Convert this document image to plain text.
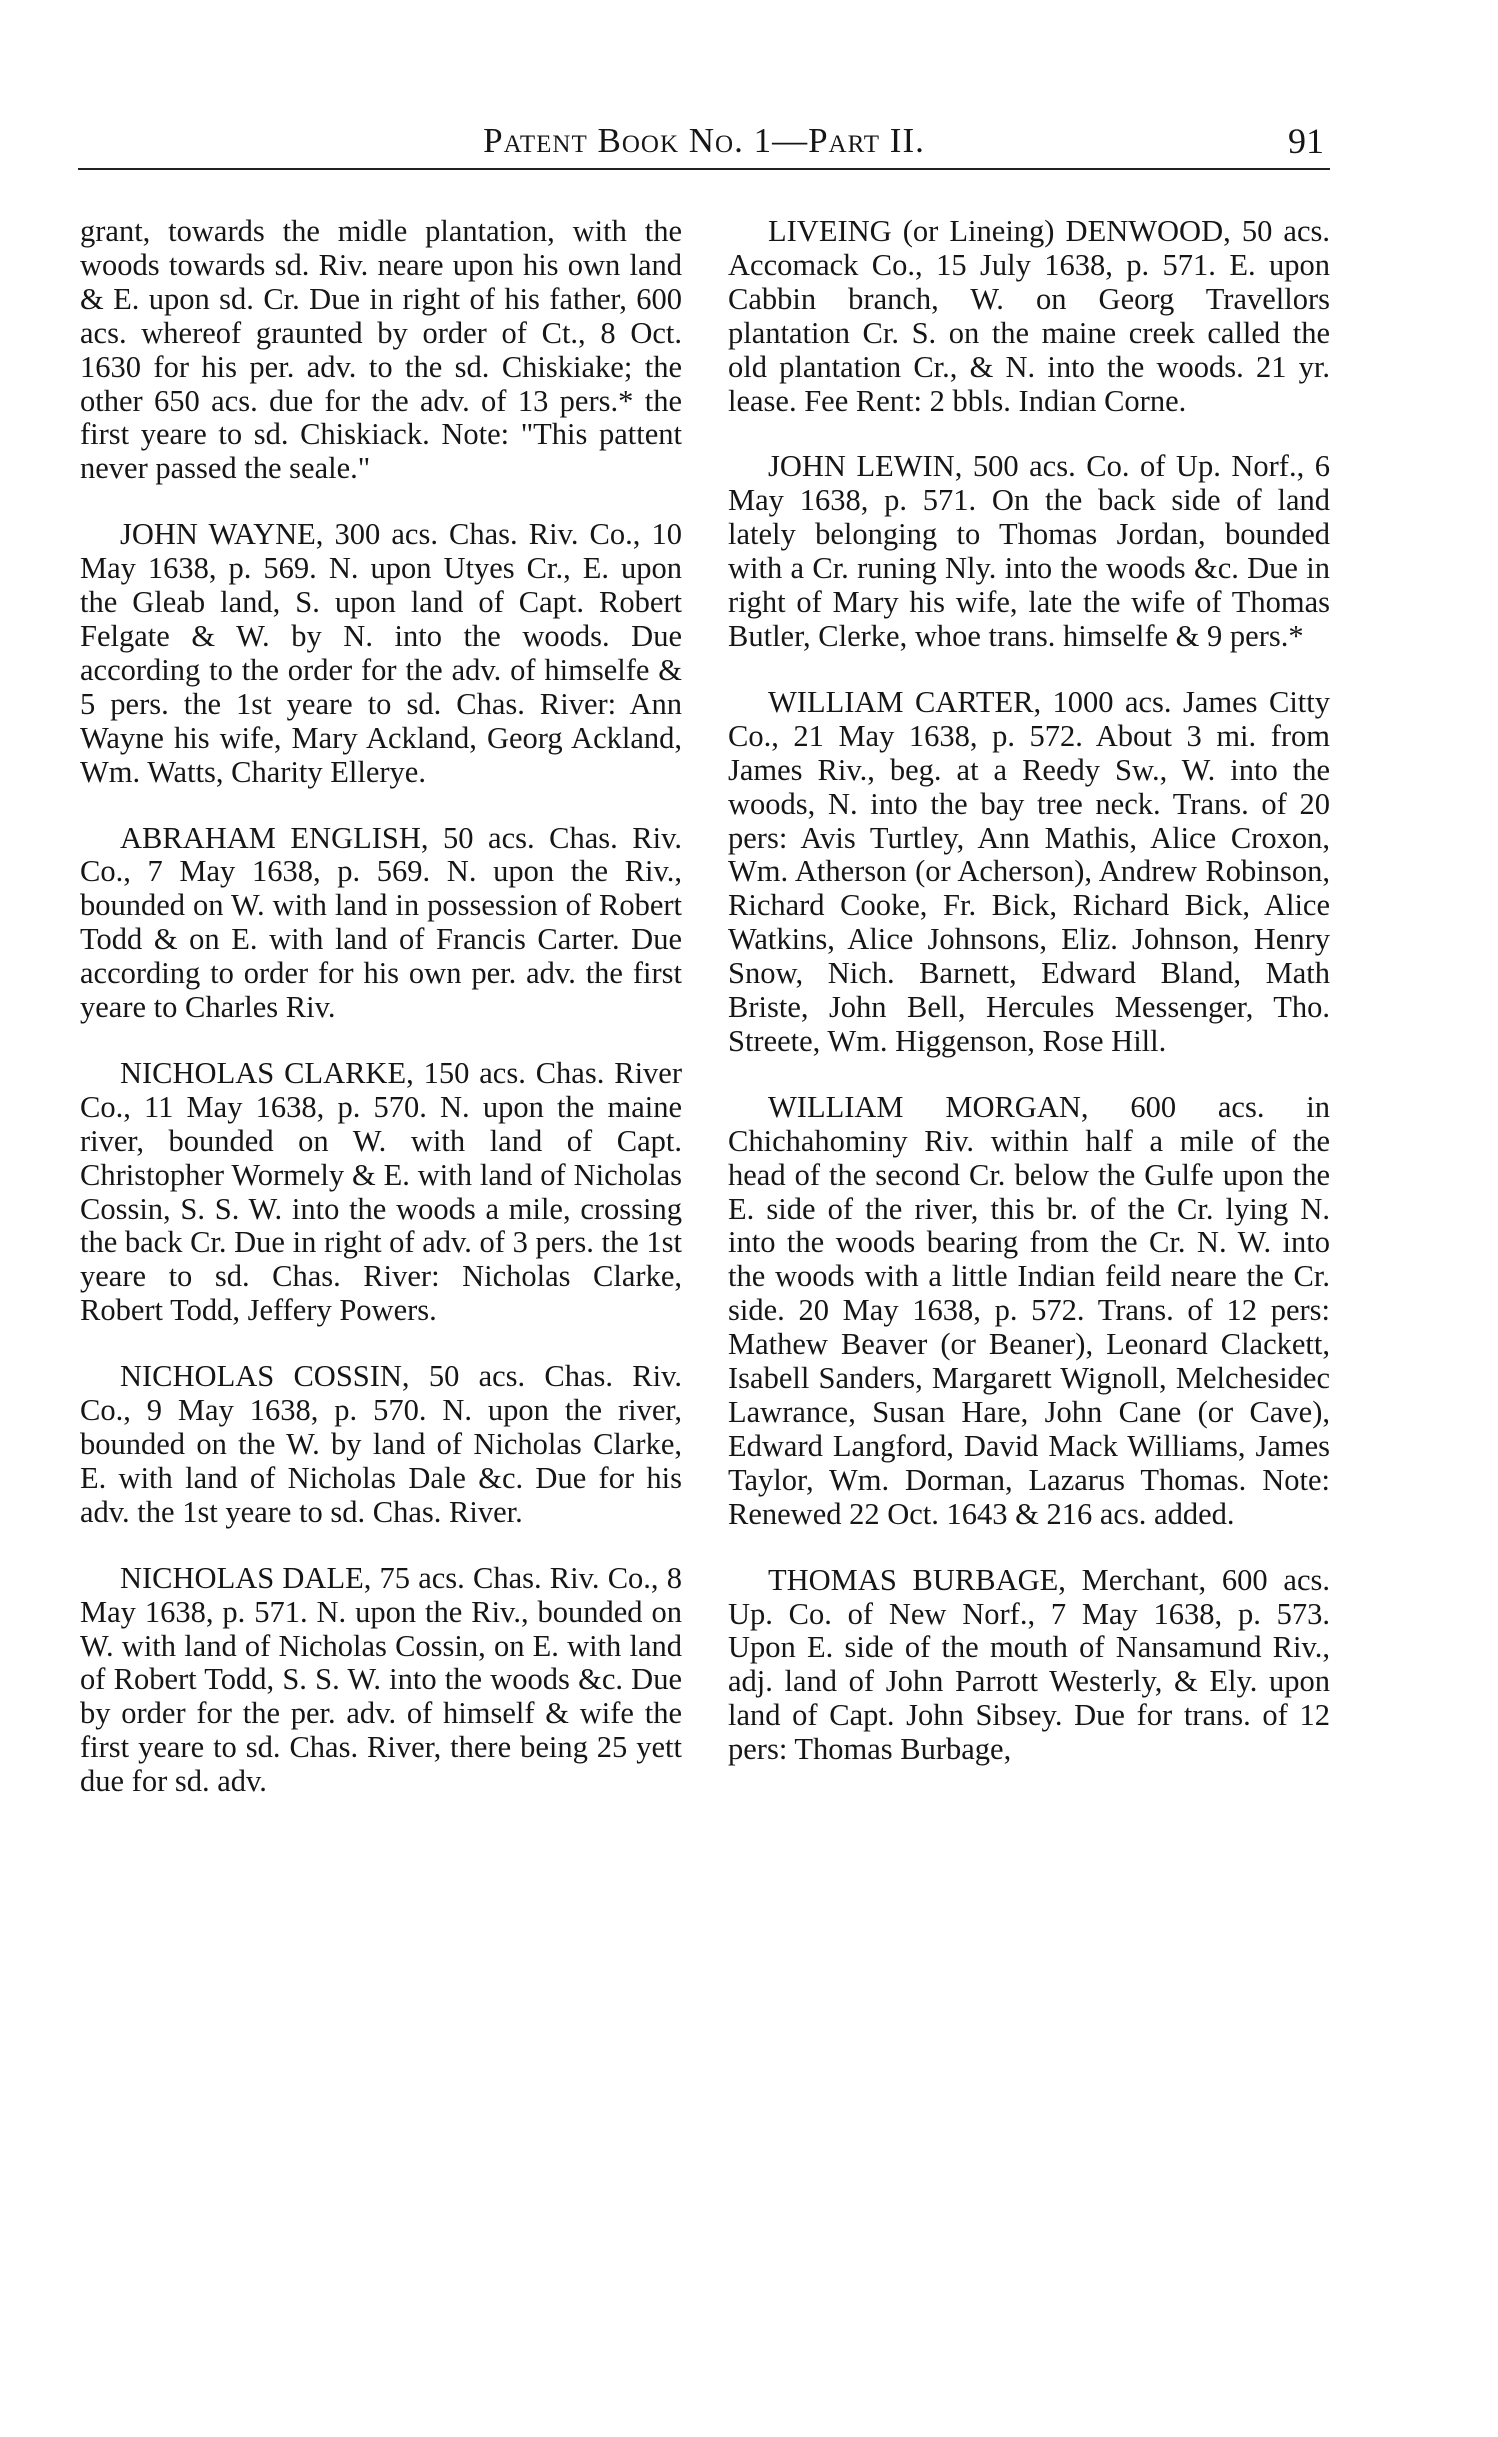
Patent Book No. 1—Part II.	91

grant, towards the midle plantation, with the woods towards sd. Riv. neare upon his own land & E. upon sd. Cr. Due in right of his father, 600 acs. whereof graunted by order of Ct., 8 Oct. 1630 for his per. adv. to the sd. Chiskiake; the other 650 acs. due for the adv. of 13 pers.* the first yeare to sd. Chiskiack. Note: "This pattent never passed the seale."

JOHN WAYNE, 300 acs. Chas. Riv. Co., 10 May 1638, p. 569. N. upon Utyes Cr., E. upon the Gleab land, S. upon land of Capt. Robert Felgate & W. by N. into the woods. Due according to the order for the adv. of himselfe & 5 pers. the 1st yeare to sd. Chas. River: Ann Wayne his wife, Mary Ackland, Georg Ackland, Wm. Watts, Charity Ellerye.

ABRAHAM ENGLISH, 50 acs. Chas. Riv. Co., 7 May 1638, p. 569. N. upon the Riv., bounded on W. with land in possession of Robert Todd & on E. with land of Francis Carter. Due according to order for his own per. adv. the first yeare to Charles Riv.

NICHOLAS CLARKE, 150 acs. Chas. River Co., 11 May 1638, p. 570. N. upon the maine river, bounded on W. with land of Capt. Christopher Wormely & E. with land of Nicholas Cossin, S. S. W. into the woods a mile, crossing the back Cr. Due in right of adv. of 3 pers. the 1st yeare to sd. Chas. River: Nicholas Clarke, Robert Todd, Jeffery Powers.

NICHOLAS COSSIN, 50 acs. Chas. Riv. Co., 9 May 1638, p. 570. N. upon the river, bounded on the W. by land of Nicholas Clarke, E. with land of Nicholas Dale &c. Due for his adv. the 1st yeare to sd. Chas. River.

NICHOLAS DALE, 75 acs. Chas. Riv. Co., 8 May 1638, p. 571. N. upon the Riv., bounded on W. with land of Nicholas Cossin, on E. with land of Robert Todd, S. S. W. into the woods &c. Due by order for the per. adv. of himself & wife the first yeare to sd. Chas. River, there being 25 yett due for sd. adv.

LIVEING (or Lineing) DENWOOD, 50 acs. Accomack Co., 15 July 1638, p. 571. E. upon Cabbin branch, W. on Georg Travellors plantation Cr. S. on the maine creek called the old plantation Cr., & N. into the woods. 21 yr. lease. Fee Rent: 2 bbls. Indian Corne.

JOHN LEWIN, 500 acs. Co. of Up. Norf., 6 May 1638, p. 571. On the back side of land lately belonging to Thomas Jordan, bounded with a Cr. runing Nly. into the woods &c. Due in right of Mary his wife, late the wife of Thomas Butler, Clerke, whoe trans. himselfe & 9 pers.*

WILLIAM CARTER, 1000 acs. James Citty Co., 21 May 1638, p. 572. About 3 mi. from James Riv., beg. at a Reedy Sw., W. into the woods, N. into the bay tree neck. Trans. of 20 pers: Avis Turtley, Ann Mathis, Alice Croxon, Wm. Atherson (or Acherson), Andrew Robinson, Richard Cooke, Fr. Bick, Richard Bick, Alice Watkins, Alice Johnsons, Eliz. Johnson, Henry Snow, Nich. Barnett, Edward Bland, Math Briste, John Bell, Hercules Messenger, Tho. Streete, Wm. Higgenson, Rose Hill.

WILLIAM MORGAN, 600 acs. in Chichahominy Riv. within half a mile of the head of the second Cr. below the Gulfe upon the E. side of the river, this br. of the Cr. lying N. into the woods bearing from the Cr. N. W. into the woods with a little Indian feild neare the Cr. side. 20 May 1638, p. 572. Trans. of 12 pers: Mathew Beaver (or Beaner), Leonard Clackett, Isabell Sanders, Margarett Wignoll, Melchesidec Lawrance, Susan Hare, John Cane (or Cave), Edward Langford, David Mack Williams, James Taylor, Wm. Dorman, Lazarus Thomas. Note: Renewed 22 Oct. 1643 & 216 acs. added.

THOMAS BURBAGE, Merchant, 600 acs. Up. Co. of New Norf., 7 May 1638, p. 573. Upon E. side of the mouth of Nansamund Riv., adj. land of John Parrott Westerly, & Ely. upon land of Capt. John Sibsey. Due for trans. of 12 pers: Thomas Burbage,
